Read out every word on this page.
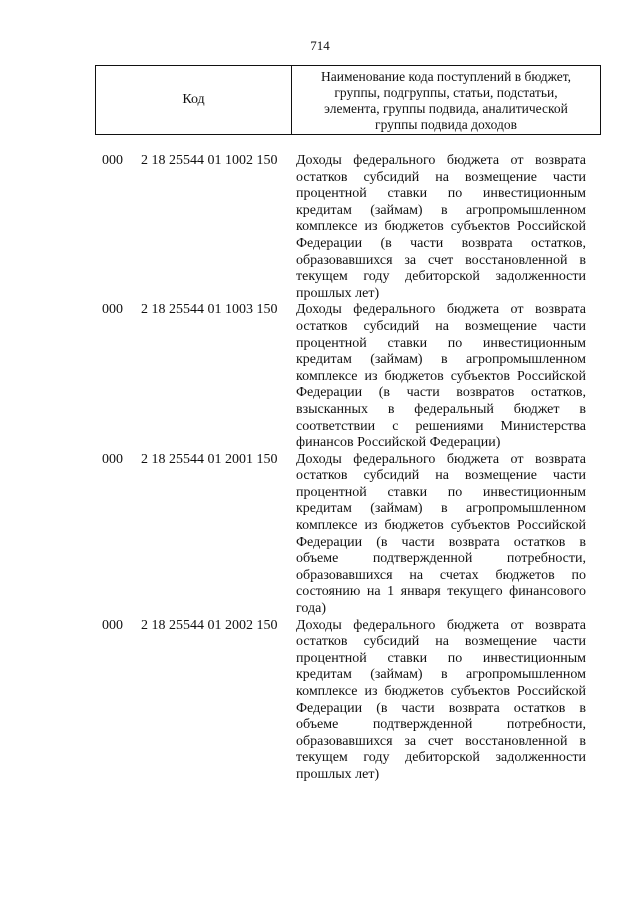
714
Код
Наименование кода поступлений в бюджет,
группы, подгруппы, статьи, подстатьи,
элемента, группы подвида, аналитической
группы подвида доходов
000 2 18 25544 01 1002 150 Доходы федерального бюджета от возврата
остатков субсидий на возмещение части
процентной ставки по инвестиционным
кредитам (займам) в агропромышленном
комплексе из бюджетов субъектов Российской
Федерации (в части возврата остатков,
образовавшихся за счет восстановленной в
текущем году дебиторской задолженности
прошлых лет)
000 2 18 25544 01 1003 150 Доходы федерального бюджета от возврата
остатков субсидий на возмещение части
процентной ставки по инвестиционным
кредитам (займам) в агропромышленном
комплексе из бюджетов субъектов Российской
Федерации (в части возвратов остатков,
взысканных в федеральный бюджет в
соответствии с решениями Министерства
финансов Российской Федерации)
000 2 18 25544 01 2001 150 Доходы федерального бюджета от возврата
остатков субсидий на возмещение части
процентной ставки по инвестиционным
кредитам (займам) в агропромышленном
комплексе из бюджетов субъектов Российской
Федерации (в части возврата остатков в
объеме подтвержденной потребности,
образовавшихся на счетах бюджетов по
состоянию на 1 января текущего финансового
года)
000 2 18 25544 01 2002 150 Доходы федерального бюджета от возврата
остатков субсидий на возмещение части
процентной ставки по инвестиционным
кредитам (займам) в агропромышленном
комплексе из бюджетов субъектов Российской
Федерации (в части возврата остатков в
объеме подтвержденной потребности,
образовавшихся за счет восстановленной в
текущем году дебиторской задолженности
прошлых лет)
